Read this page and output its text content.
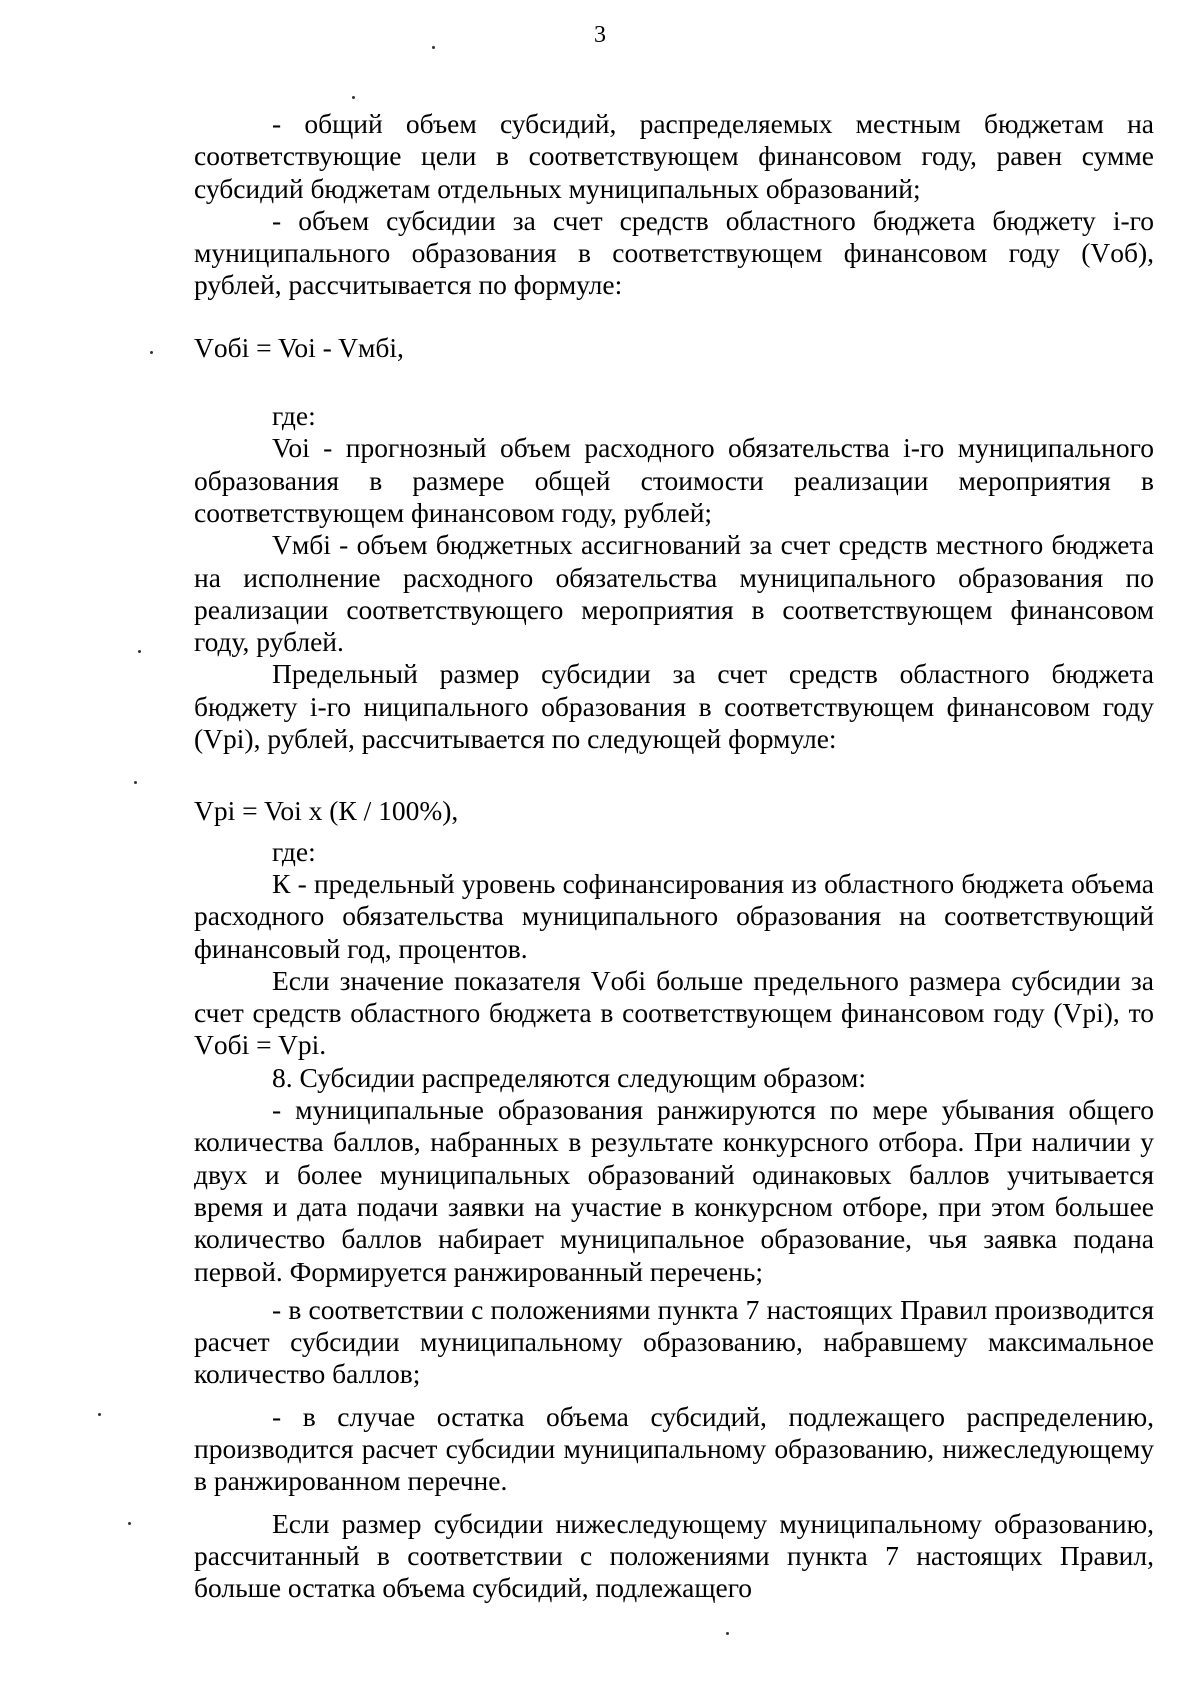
3

- общий объем субсидий, распределяемых местным бюджетам на соответствующие цели в соответствующем финансовом году, равен сумме субсидий бюджетам отдельных муниципальных образований;

- объем субсидии за счет средств областного бюджета бюджету i-го муниципального образования в соответствующем финансовом году (Vоб), рублей, рассчитывается по формуле:

Vобi = Voi - Vмбi,

где:

Voi - прогнозный объем расходного обязательства i-го муниципального образования в размере общей стоимости реализации мероприятия в соответствующем финансовом году, рублей;

Vмбi - объем бюджетных ассигнований за счет средств местного бюджета на исполнение расходного обязательства муниципального образования по реализации соответствующего мероприятия в соответствующем финансовом году, рублей.

Предельный размер субсидии за счет средств областного бюджета бюджету i-го ниципального образования в соответствующем финансовом году (Vpi), рублей, рассчитывается по следующей формуле:

Vpi = Voi x (К / 100%),

где:

К - предельный уровень софинансирования из областного бюджета объема расходного обязательства муниципального образования на соответствующий финансовый год, процентов.

Если значение показателя Vобi больше предельного размера субсидии за счет средств областного бюджета в соответствующем финансовом году (Vpi), то Vобi = Vpi.

8. Субсидии распределяются следующим образом:

- муниципальные образования ранжируются по мере убывания общего количества баллов, набранных в результате конкурсного отбора. При наличии у двух и более муниципальных образований одинаковых баллов учитывается время и дата подачи заявки на участие в конкурсном отборе, при этом большее количество баллов набирает муниципальное образование, чья заявка подана первой. Формируется ранжированный перечень;

- в соответствии с положениями пункта 7 настоящих Правил производится расчет субсидии муниципальному образованию, набравшему максимальное количество баллов;

- в случае остатка объема субсидий, подлежащего распределению, производится расчет субсидии муниципальному образованию, нижеследующему в ранжированном перечне.

Если размер субсидии нижеследующему муниципальному образованию, рассчитанный в соответствии с положениями пункта 7 настоящих Правил, больше остатка объема субсидий, подлежащего
